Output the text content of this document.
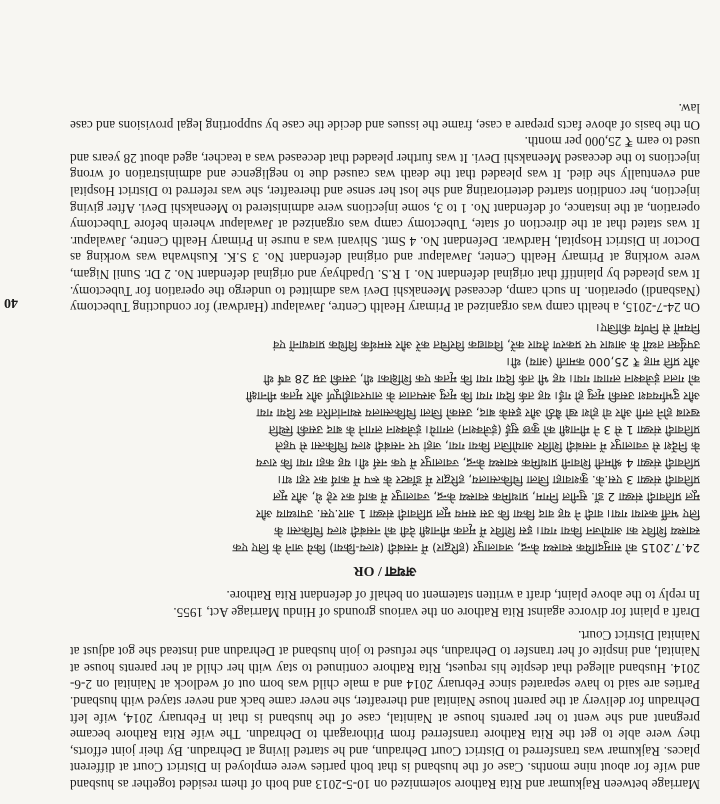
Marriage between Rajkumar and Rita Rathore solemnized on 10-5-2013 and both of them resided together as husband and wife for about nine months. Case of the husband is that both parties were employed in District Court at different places. Rajkumar was transferred to District Court Dehradun, and he started living at Dehradun. By their joint efforts, they were able to get the Rita Rathore transferred from Pithoragarh to Dehradun. The wife Rita Rathore became pregnant and she went to her parents house at Nainital, case of the husband is that in February 2014, wife left Dehradun for delivery at the parent house Nainital and thereafter, she never came back and never stayed with husband. Parties are said to have separated since February 2014 and a male child was born out of wedlock at Nainital on 2-6-2014. Husband alleged that despite his request, Rita Rathore continued to stay with her child at her parents house at Nainital, and inspite of her transfer to Dehradun, she refused to join husband at Dehradun and instead she got adjust at Nainital District Court.

Draft a plaint for divorce against Rita Rathore on the various grounds of Hindu Marriage Act, 1955.

In reply to the above plaint, draft a written statement on behalf of defendant Rita Rathore.

अथवा / OR
24.7.2015 को सामुदायिक स्वास्थ्य केन्द्र, जवालापुर (हरिद्वार) में नसबंदी (शल्य-क्रिया) किये जाने के लिए एक
स्वास्थ्य शिविर का आयोजन किया गया। इस शिविर में मृतक मीनाक्षी देवी को नसबंदी शल्य चिकित्सा के
लिए भर्ती कराया गया। वादी ने यह वाद किया कि उस समय मूल प्रतिवादी संख्या 1 आर.एस. उपाध्याय और
मूल प्रतिवादी संख्या 2 डॉ. सुनील निगम, प्राथमिक स्वास्थ्य केन्द्र, ज्वालापुर में कार्य कर रहे थे, और मूल
प्रतिवादी संख्या 3 एस.के. कुशवाहा जिला चिकित्सालय, हरिद्वार में डॉक्टर के रूप में कार्य कर रहा था।
प्रतिवादी संख्या 4 श्रीमती शिवानी प्राथमिक स्वास्थ्य केन्द्र, ज्वालापुर में एक नर्स थी। यह कहा गया कि राज्य
के निर्देश से ज्वालापुर में नसबंदी शिविर आयोजित किया गया, जहां पर नसबंदी शल्य चिकित्सा से पहले
प्रतिवादी संख्या 1 से 3 ने मीनाक्षी को कुछ सुई (इंजेक्शन) लगाये। इंजेक्शन लगाने के बाद उसकी स्थिति
खराब होने लगी और वो होश खो बैठी और इसके बाद, उसको जिला चिकित्सालय स्थानांतरित कर दिया गया
और दुर्भाग्यवश उसकी मृत्यु हो गई। यह तर्क दिया गया कि मृत्यु अस्पताल के लापरवाहीपूर्ण और मृतक मीनाक्षी
को गलत इंजेक्शन लगाया गया। यह भी तर्क दिया गया कि मृतक एक शिक्षिका थी, उसकी उम्र 28 वर्ष थी
और प्रति माह ₹ 25,000 कमाती (आय) थी।
उपर्युक्त तथ्यों के आधार पर प्रकरण तैयार करें, विवाद्यक विरचित करें और समर्थक विधिक प्रावधानों एवं
नियमों से निर्णय कीजिए।

On 24-7-2015, a health camp was organized at Primary Health Centre, Jawalapur (Hardwar) for conducting Tubectomy (Nasbandi) operation. In such camp, deceased Meenakshi Devi was admitted to undergo the operation for Tubectomy. It was pleaded by plaintiff that original defendant No. 1 R.S. Upadhyay and original defendant No. 2 Dr. Sunil Nigam, were working at Primary Health Center, Jawalapur and original defendant No. 3 S.K. Kushwaha was working as Doctor in District Hospital, Hardwar. Defendant No. 4 Smt. Shivani was a nurse in Primary Health Centre, Jawalapur. It was stated that at the direction of state, Tubectomy camp was organized at Jawalapur wherein before Tubectomy operation, at the instance, of defendant No. 1 to 3, some injections were administered to Meenakshi Devi. After giving injection, her condition started deteriorating and she lost her sense and thereafter, she was referred to District Hospital and eventually she died. It was pleaded that the death was caused due to negligence and administration of wrong injections to the deceased Meenakshi Devi. It was further pleaded that deceased was a teacher, aged about 28 years and used to earn ₹ 25,000 per month.

On the basis of above facts prepare a case, frame the issues and decide the case by supporting legal provisions and case law.

40
